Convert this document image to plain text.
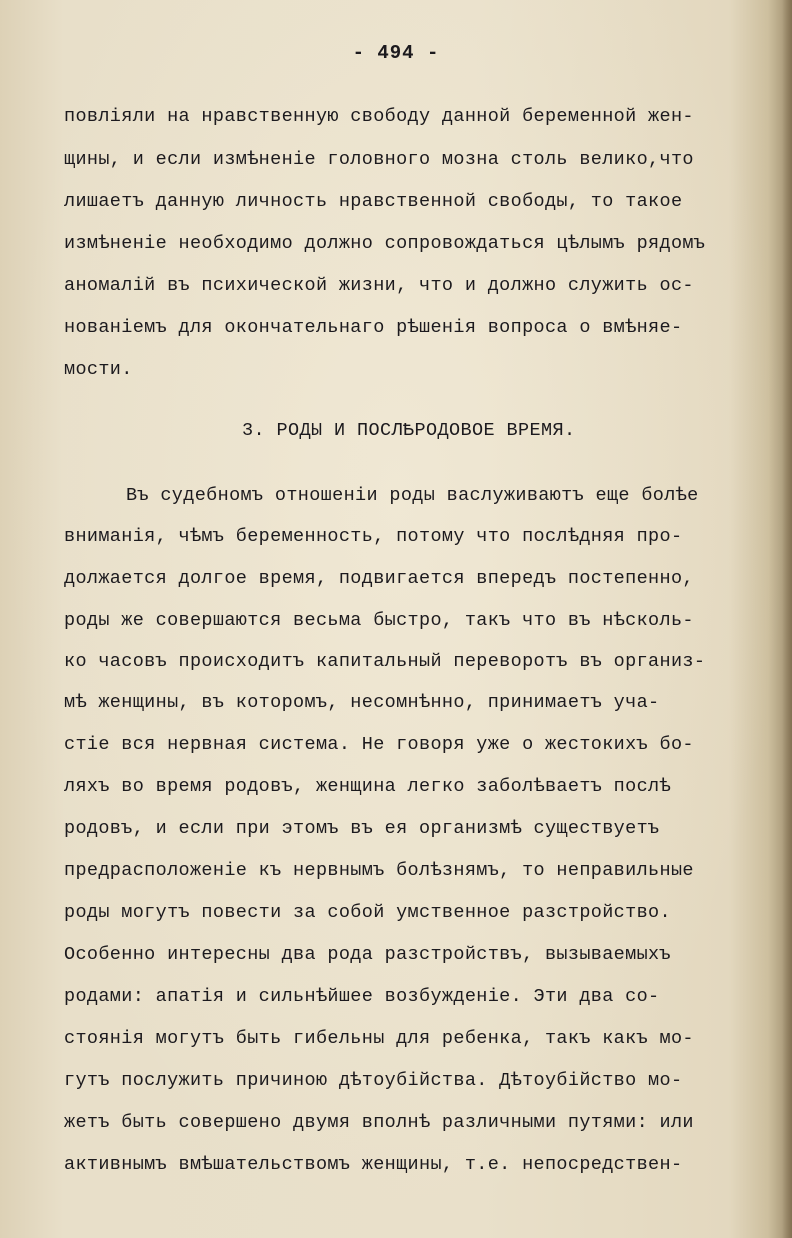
- 494 -
повліяли на нравственную свободу данной беременной жен-
щины, и если измѣненіе головного мозна столь велико,что
лишаетъ данную личность нравственной свободы, то такое
измѣненіе необходимо должно сопровождаться цѣлымъ рядомъ
аномалій въ психической жизни, что и должно служить ос-
нованіемъ для окончательнаго рѣшенія вопроса о вмѣняе-
мости.
3. РОДЫ И ПОСЛѢРОДОВОЕ ВРЕМЯ.
Въ судебномъ отношеніи роды васлуживаютъ еще болѣе
вниманія, чѣмъ беременность, потому что послѣдняя про-
должается долгое время, подвигается впередъ постепенно,
роды же совершаются весьма быстро, такъ что въ нѣсколь-
ко часовъ происходитъ капитальный переворотъ въ организ-
мѣ женщины, въ которомъ, несомнѣнно, принимаетъ уча-
стіе вся нервная система. Не говоря уже о жестокихъ бо-
ляхъ во время родовъ, женщина легко заболѣваетъ послѣ
родовъ, и если при этомъ въ ея организмѣ существуетъ
предрасположеніе къ нервнымъ болѣзнямъ, то неправильные
роды могутъ повести за собой умственное разстройство.
Особенно интересны два рода разстройствъ, вызываемыхъ
родами: апатія и сильнѣйшее возбужденіе. Эти два со-
стоянія могутъ быть гибельны для ребенка, такъ какъ мо-
гутъ послужить причиною дѣтоубійства. Дѣтоубійство мо-
жетъ быть совершено двумя вполнѣ различными путями: или
активнымъ вмѣшательствомъ женщины, т.е. непосредствен-
